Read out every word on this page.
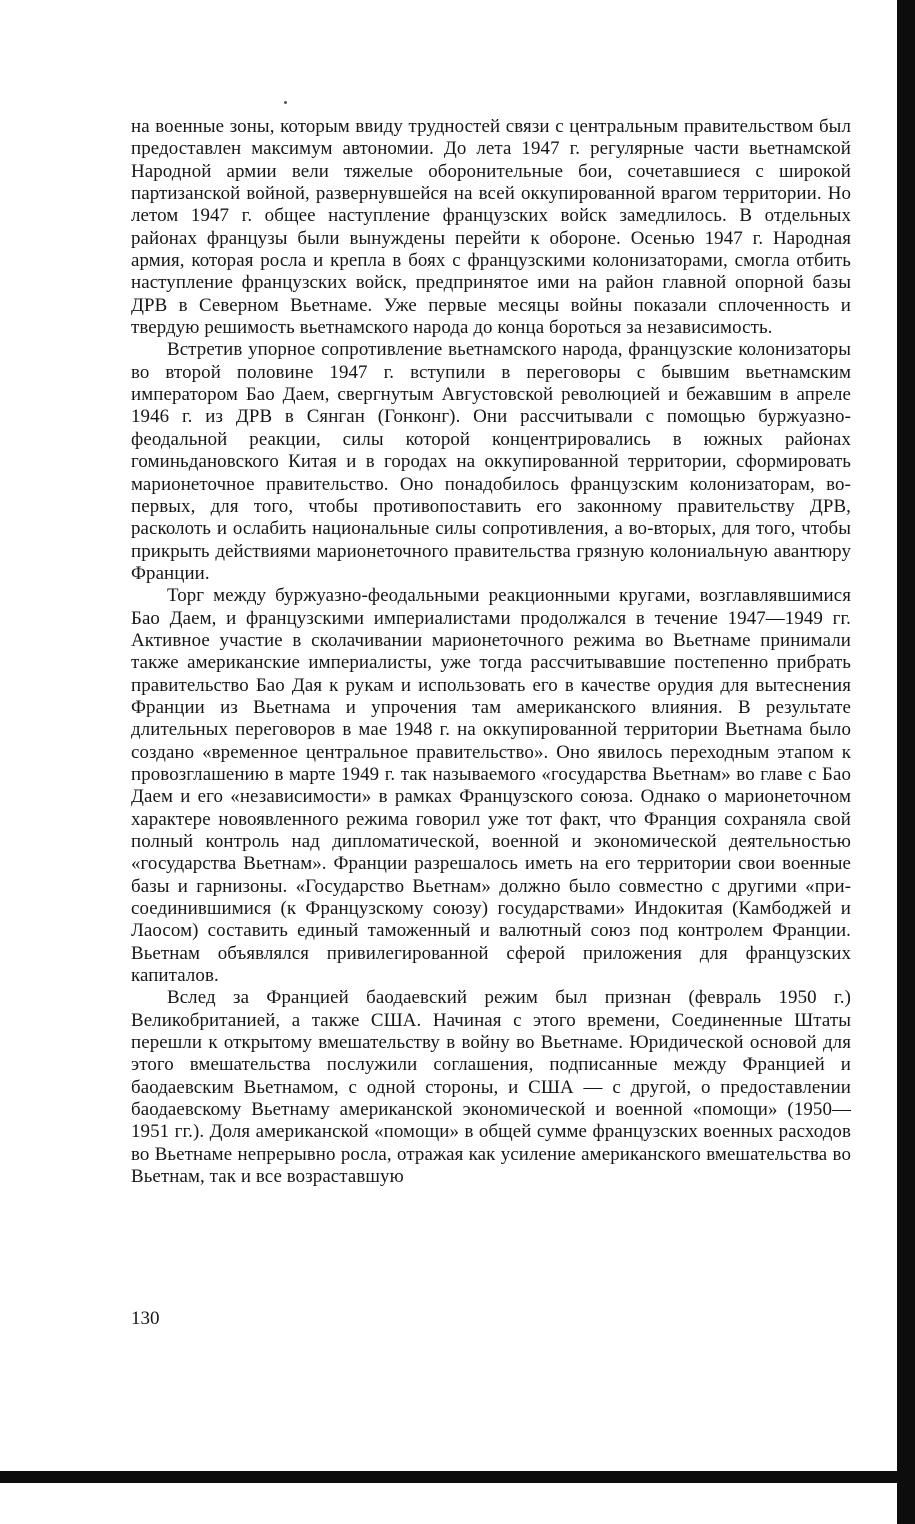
на военные зоны, которым ввиду трудностей связи с центральным правительством был предоставлен максимум автономии. До лета 1947 г. регулярные части вьетнамской Народной армии вели тяжелые оборонительные бои, сочетавшиеся с широкой партизанской войной, развернувшейся на всей оккупированной врагом территории. Но летом 1947 г. общее наступление французских войск замедлилось. В отдельных районах французы были вынуждены перейти к обороне. Осенью 1947 г. Народная армия, которая росла и крепла в боях с французскими колонизаторами, смогла отбить наступление французских войск, предпринятое ими на район главной опорной базы ДРВ в Северном Вьетнаме. Уже первые месяцы войны показали сплоченность и твердую решимость вьетнамского народа до конца бороться за независимость.

Встретив упорное сопротивление вьетнамского народа, французские колонизаторы во второй половине 1947 г. вступили в переговоры с бывшим вьетнамским императором Бао Даем, свергнутым Августовской революцией и бежавшим в апреле 1946 г. из ДРВ в Сянган (Гонконг). Они рассчитывали с помощью буржуазно-феодальной реакции, силы которой концентрировались в южных районах гоминьдановского Китая и в городах на оккупированной территории, сформировать марионеточное правительство. Оно понадобилось французским колонизаторам, во-первых, для того, чтобы противопоставить его законному правительству ДРВ, расколоть и ослабить национальные силы сопротивления, а во-вторых, для того, чтобы прикрыть действиями марионеточного правительства грязную колониальную авантюру Франции.

Торг между буржуазно-феодальными реакционными кругами, возглавлявшимися Бао Даем, и французскими империалистами продолжался в течение 1947—1949 гг. Активное участие в сколачивании марионеточного режима во Вьетнаме принимали также американские империалисты, уже тогда рассчитывавшие постепенно прибрать правительство Бао Дая к рукам и использовать его в качестве орудия для вытеснения Франции из Вьетнама и упрочения там американского влияния. В результате длительных переговоров в мае 1948 г. на оккупированной территории Вьетнама было создано «временное центральное правительство». Оно явилось переходным этапом к провозглашению в марте 1949 г. так называемого «государства Вьетнам» во главе с Бао Даем и его «независимости» в рамках Французского союза. Однако о марионеточном характере новоявленного режима говорил уже тот факт, что Франция сохраняла свой полный контроль над дипломатической, военной и экономической деятельностью «государства Вьетнам». Франции разрешалось иметь на его территории свои военные базы и гарнизоны. «Государство Вьетнам» должно было совместно с другими «присоединившимися (к Французскому союзу) государствами» Индокитая (Камбоджей и Лаосом) составить единый таможенный и валютный союз под контролем Франции. Вьетнам объявлялся привилегированной сферой приложения для французских капиталов.

Вслед за Францией баодаевский режим был признан (февраль 1950 г.) Великобританией, а также США. Начиная с этого времени, Соединенные Штаты перешли к открытому вмешательству в войну во Вьетнаме. Юридической основой для этого вмешательства послужили соглашения, подписанные между Францией и баодаевским Вьетнамом, с одной стороны, и США — с другой, о предоставлении баодаевскому Вьетнаму американской экономической и военной «помощи» (1950—1951 гг.). Доля американской «помощи» в общей сумме французских военных расходов во Вьетнаме непрерывно росла, отражая как усиление американского вмешательства во Вьетнам, так и все возраставшую

130
